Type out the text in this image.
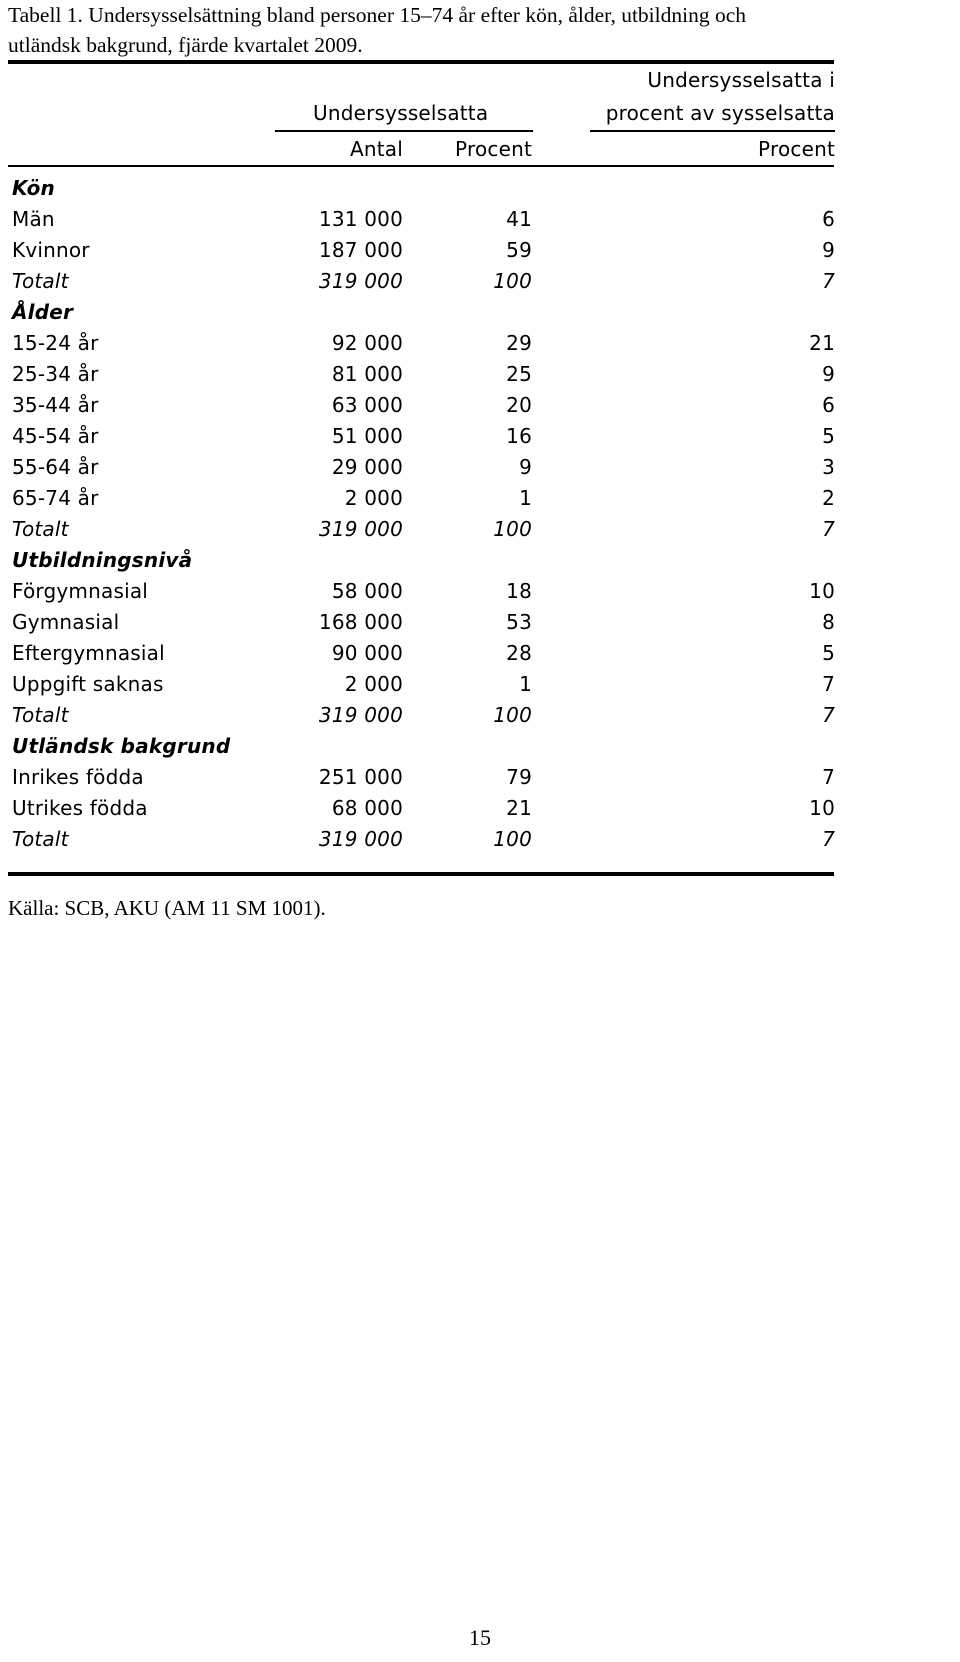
Tabell 1. Undersysselsättning bland personer 15–74 år efter kön, ålder, utbildning och
utländsk bakgrund, fjärde kvartalet 2009.
Undersysselsatta i
Undersysselsatta	procent av sysselsatta
Antal	Procent	Procent
Kön
Män	131 000	41	6
Kvinnor	187 000	59	9
Totalt	319 000	100	7
Ålder
15-24 år	92 000	29	21
25-34 år	81 000	25	9
35-44 år	63 000	20	6
45-54 år	51 000	16	5
55-64 år	29 000	9	3
65-74 år	2 000	1	2
Totalt	319 000	100	7
Utbildningsnivå
Förgymnasial	58 000	18	10
Gymnasial	168 000	53	8
Eftergymnasial	90 000	28	5
Uppgift saknas	2 000	1	7
Totalt	319 000	100	7
Utländsk bakgrund
Inrikes födda	251 000	79	7
Utrikes födda	68 000	21	10
Totalt	319 000	100	7
Källa: SCB, AKU (AM 11 SM 1001).
15
